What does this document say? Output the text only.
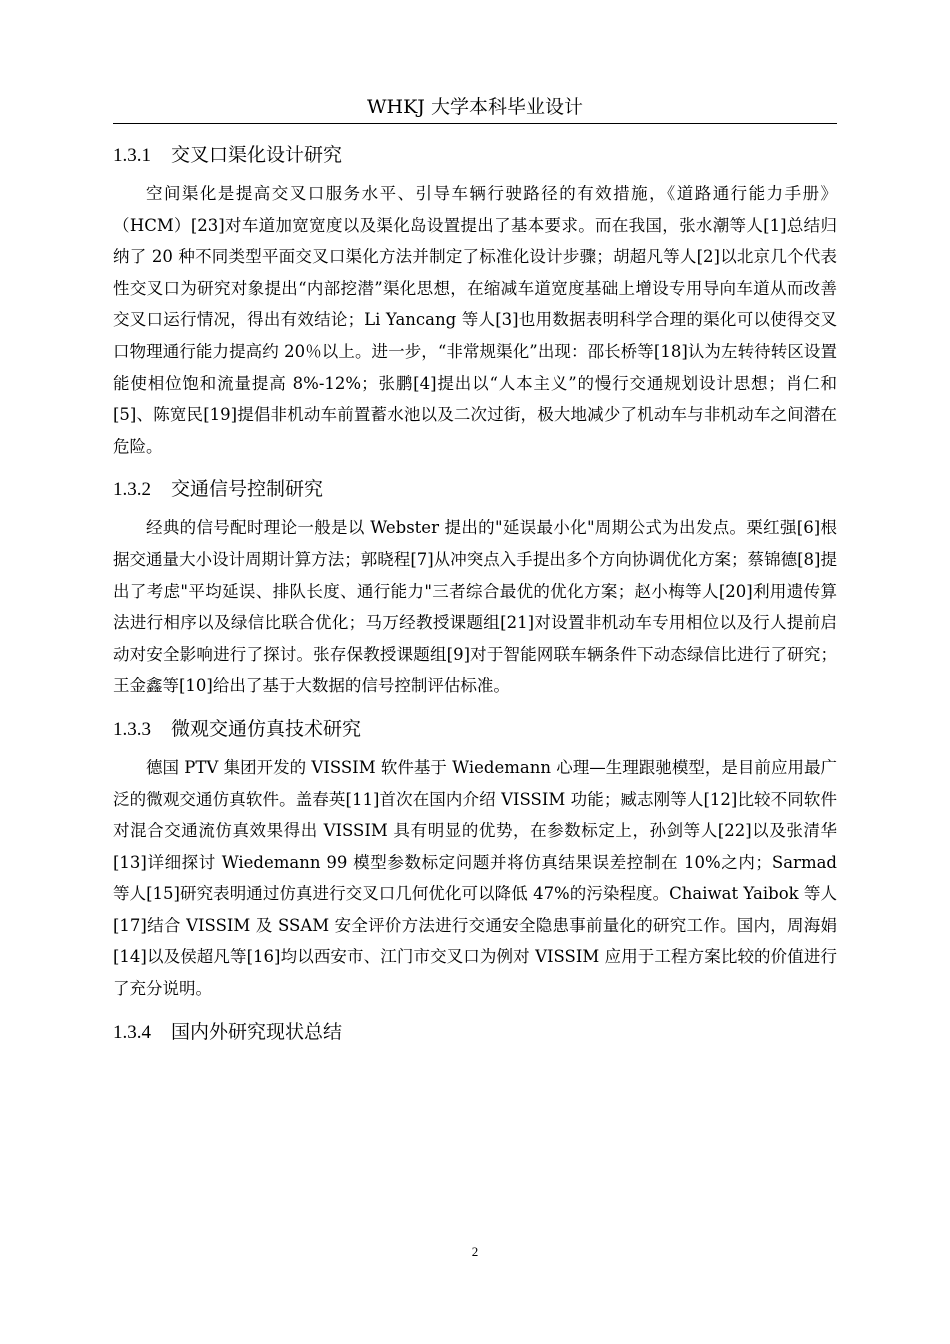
WHKJ 大学本科毕业设计
1.3.1 交叉口渠化设计研究

空间渠化是提高交叉口服务水平、引导车辆行驶路径的有效措施，《道路通行能力手册》（HCM）[23]对车道加宽宽度以及渠化岛设置提出了基本要求。而在我国，张水潮等人[1]总结归纳了 20 种不同类型平面交叉口渠化方法并制定了标准化设计步骤；胡超凡等人[2]以北京几个代表性交叉口为研究对象提出“内部挖潜”渠化思想，在缩减车道宽度基础上增设专用导向车道从而改善交叉口运行情况，得出有效结论；Li Yancang 等人[3]也用数据表明科学合理的渠化可以使得交叉口物理通行能力提高约 20％以上。进一步，“非常规渠化”出现：邵长桥等[18]认为左转待转区设置能使相位饱和流量提高 8%-12%；张鹏[4]提出以“人本主义”的慢行交通规划设计思想；肖仁和[5]、陈宽民[19]提倡非机动车前置蓄水池以及二次过街，极大地减少了机动车与非机动车之间潜在危险。

1.3.2 交通信号控制研究

经典的信号配时理论一般是以 Webster 提出的"延误最小化"周期公式为出发点。栗红强[6]根据交通量大小设计周期计算方法；郭晓程[7]从冲突点入手提出多个方向协调优化方案；蔡锦德[8]提出了考虑"平均延误、排队长度、通行能力"三者综合最优的优化方案；赵小梅等人[20]利用遗传算法进行相序以及绿信比联合优化；马万经教授课题组[21]对设置非机动车专用相位以及行人提前启动对安全影响进行了探讨。张存保教授课题组[9]对于智能网联车辆条件下动态绿信比进行了研究；王金鑫等[10]给出了基于大数据的信号控制评估标准。

1.3.3 微观交通仿真技术研究

德国 PTV 集团开发的 VISSIM 软件基于 Wiedemann 心理—生理跟驰模型，是目前应用最广泛的微观交通仿真软件。盖春英[11]首次在国内介绍 VISSIM 功能；臧志刚等人[12]比较不同软件对混合交通流仿真效果得出 VISSIM 具有明显的优势，在参数标定上，孙剑等人[22]以及张清华[13]详细探讨 Wiedemann 99 模型参数标定问题并将仿真结果误差控制在 10%之内；Sarmad 等人[15]研究表明通过仿真进行交叉口几何优化可以降低 47%的污染程度。Chaiwat Yaibok 等人[17]结合 VISSIM 及 SSAM 安全评价方法进行交通安全隐患事前量化的研究工作。国内，周海娟[14]以及侯超凡等[16]均以西安市、江门市交叉口为例对 VISSIM 应用于工程方案比较的价值进行了充分说明。

1.3.4 国内外研究现状总结
2
